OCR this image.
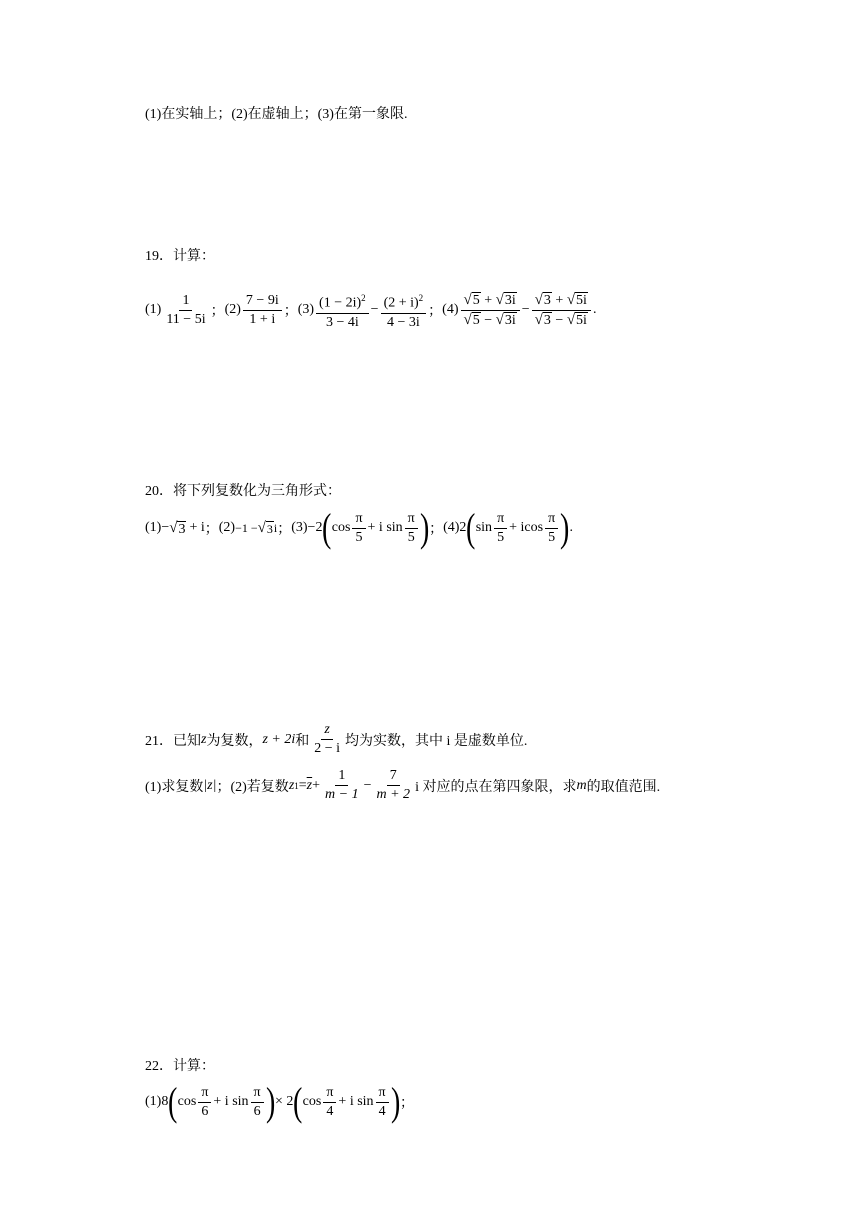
(1)在实轴上；(2)在虚轴上；(3)在第一象限.
19．计算：
$(1) \frac{1}{11 - 5i}$ ； $(2) \frac{7 - 9i}{1 + i}$ ； $(3) \frac{(1 - 2i)^2}{3 - 4i} - \frac{(2 + i)^2}{4 - 3i}$ ； $(4) \frac{√ 5 + √ 3i}{√ 5 - √ 3i} - \frac{√ 3 + √ 5i}{√ 3 - √ 5i}$ .
20．将下列复数化为三角形式：
(1) − √ 3 + i ； (2) −1 − √ 3 i ； (3) −2 ( $\cos \frac{\pi}{5} + i$ $\sin \frac{\pi}{5}$ ) ； (4) 2 ( $\sin \frac{\pi}{5} + icos \frac{\pi}{5}$ ) .
21．已知 z 为复数， z + 2i 和 $\frac{z}{2 - i}$ 均为实数，其中 i 是虚数单位.
(1)求复数 |z| ；(2)若复数 z $1 = \overline{z} + \frac{1}{m - 1} - \frac{7}{m + 2}$ i 对应的点在第四象限，求 m 的取值范围.
22．计算：
(1) 8 ( $\cos \frac{\pi}{6} + i$ $\sin \frac{\pi}{6}$ ) × 2 ( $\cos \frac{\pi}{4} + i$ $\sin \frac{\pi}{4}$ ) ；
